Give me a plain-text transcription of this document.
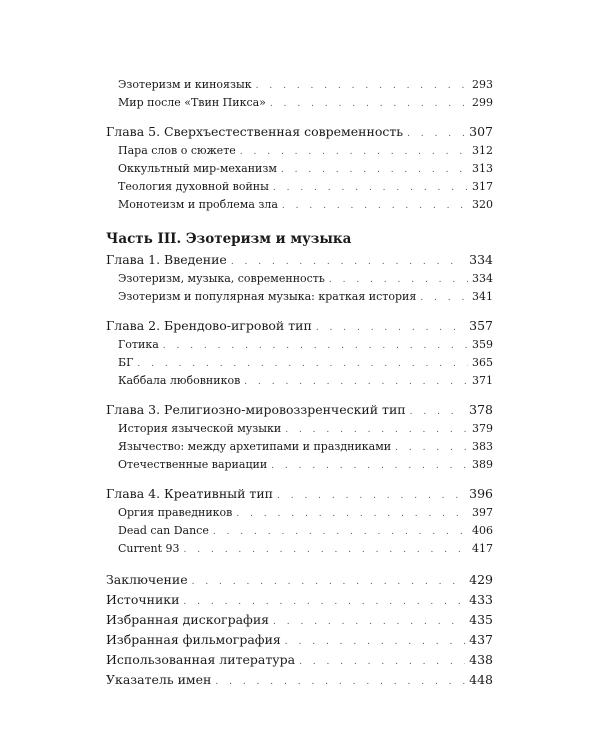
Эзотеризм и киноязык . . .	293
Мир после «Твин Пикса» . . .	299
Глава 5. Сверхъестественная современность . . .	307
Пара слов о сюжете . . .	312
Оккультный мир-механизм . . .	313
Теология духовной войны . . .	317
Монотеизм и проблема зла . . .	320
Часть III. Эзотеризм и музыка
Глава 1. Введение . . .	334
Эзотеризм, музыка, современность . . .	334
Эзотеризм и популярная музыка: краткая история . . .	341
Глава 2. Брендово-игровой тип . . .	357
Готика . . .	359
БГ . . .	365
Каббала любовников . . .	371
Глава 3. Религиозно-мировоззренческий тип . . .	378
История языческой музыки . . .	379
Язычество: между архетипами и праздниками . . .	383
Отечественные вариации . . .	389
Глава 4. Креативный тип . . .	396
Оргия праведников . . .	397
Dead can Dance . . .	406
Current 93 . . .	417
Заключение . . .	429
Источники . . .	433
Избранная дискография . . .	435
Избранная фильмография . . .	437
Использованная литература . . .	438
Указатель имен . . .	448
